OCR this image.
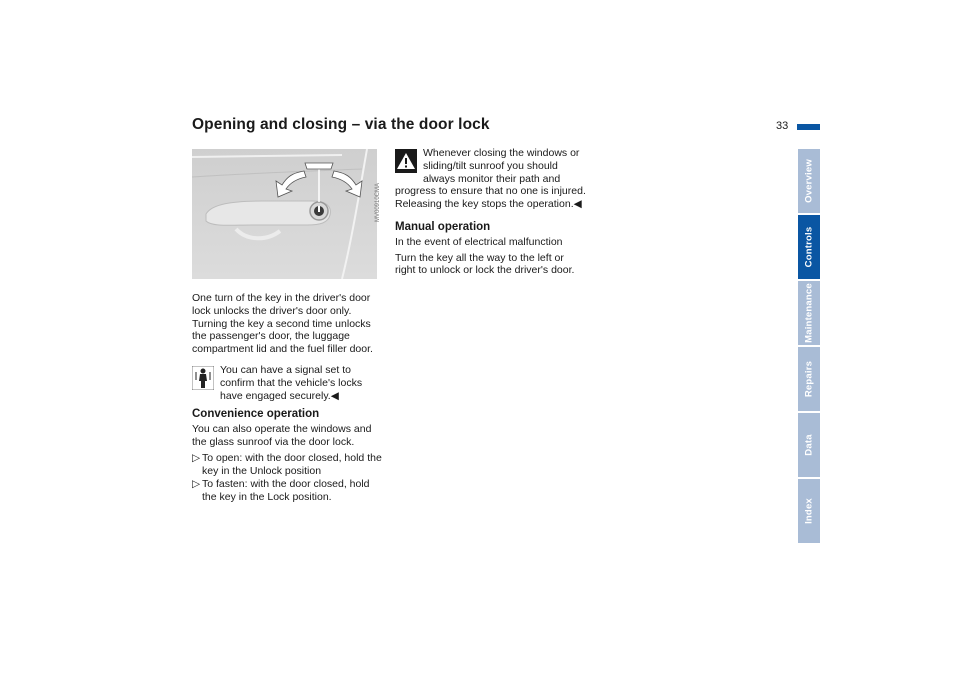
Opening and closing – via the door lock	33
Overview
Controls
Maintenance
Repairs
Data
Index
MV00910CMA

One turn of the key in the driver's door lock unlocks the driver's door only. Turning the key a second time unlocks the passenger's door, the luggage compartment lid and the fuel filler door.

You can have a signal set to confirm that the vehicle's locks have engaged securely.◀
Convenience operation

You can also operate the windows and the glass sunroof via the door lock.

▷ To open: with the door closed, hold the key in the Unlock position
▷ To fasten: with the door closed, hold the key in the Lock position.
Whenever closing the windows or sliding/tilt sunroof you should always monitor their path and progress to ensure that no one is injured. Releasing the key stops the operation.◀
Manual operation

In the event of electrical malfunction

Turn the key all the way to the left or right to unlock or lock the driver's door.
